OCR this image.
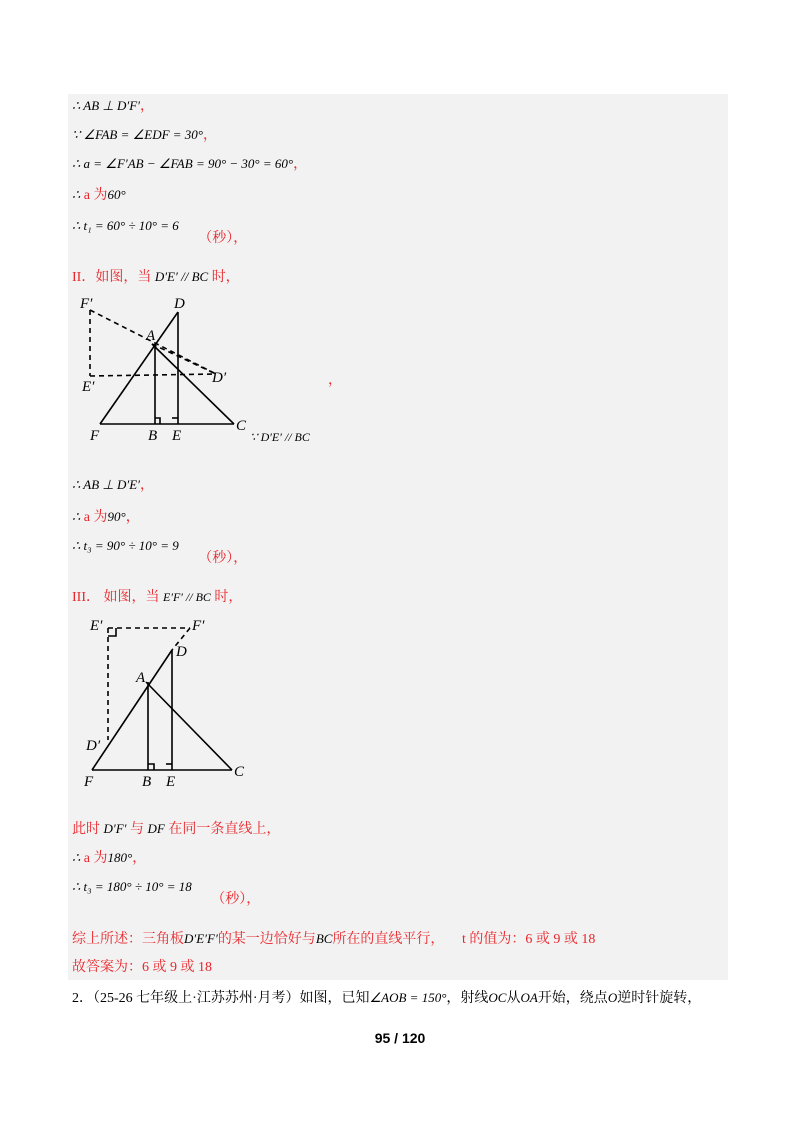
∴ AB ⊥ D′F′，
∵ ∠FAB = ∠EDF = 30°，
∴ a = ∠F′AB − ∠FAB = 90° − 30° = 60°，
∴ a 为60°
∴ t₁ = 60° ÷ 10° = 6 （秒），
II．如图，当 D′E′ // BC 时，
F′	D
A
E′
D′
F	B E
C
，
∵ D′E′ // BC
∴ AB ⊥ D′E′，
∴ a 为90°，
∴ t₃ = 90° ÷ 10° = 9 （秒），
III． 如图，当 E′F′ // BC 时，
E′	F′
D
A
D′
F	B E
C
此时 D′F′ 与 DF 在同一条直线上，
∴ a 为180°，
∴ t₃ = 180° ÷ 10° = 18 （秒），
综上所述：三角板D′E′F′的某一边恰好与BC所在的直线平行， t 的值为：6 或 9 或 18
故答案为：6 或 9 或 18
2．（25-26 七年级上·江苏苏州·月考）如图，已知∠AOB = 150°，射线OC从OA开始，绕点O逆时针旋转，
95 / 120
